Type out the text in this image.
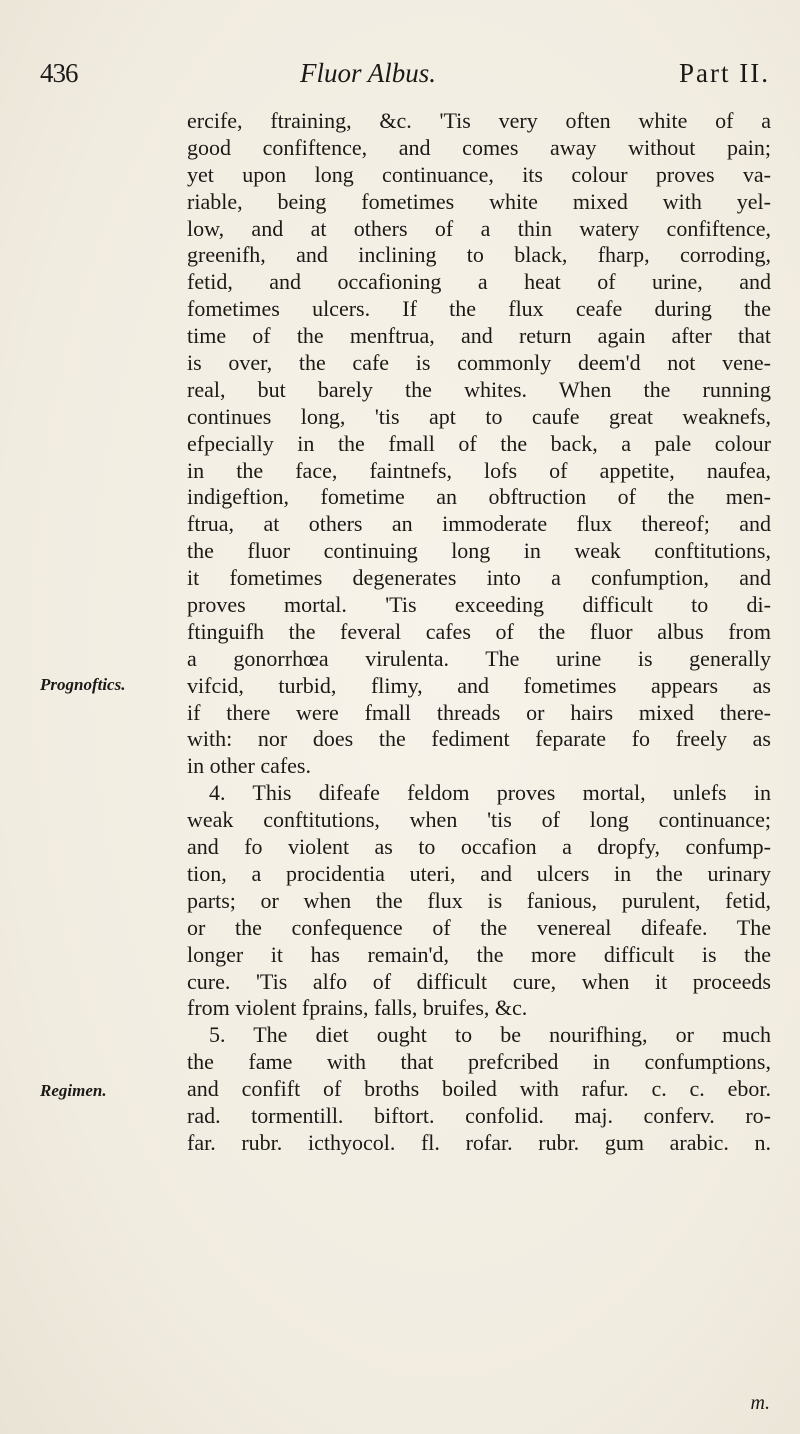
436	Fluor Albus.	Part II.
Prognoftics.
Regimen.
ercife, ftraining, &c. 'Tis very often white of a
good confiftence, and comes away without pain;
yet upon long continuance, its colour proves va-
riable, being fometimes white mixed with yel-
low, and at others of a thin watery confiftence,
greenifh, and inclining to black, fharp, corroding,
fetid, and occafioning a heat of urine, and
fometimes ulcers. If the flux ceafe during the
time of the menftrua, and return again after that
is over, the cafe is commonly deem'd not vene-
real, but barely the whites. When the running
continues long, 'tis apt to caufe great weaknefs,
efpecially in the fmall of the back, a pale colour
in the face, faintnefs, lofs of appetite, naufea,
indigeftion, fometime an obftruction of the men-
ftrua, at others an immoderate flux thereof; and
the fluor continuing long in weak conftitutions,
it fometimes degenerates into a confumption, and
proves mortal. 'Tis exceeding difficult to di-
ftinguifh the feveral cafes of the fluor albus from
a gonorrhœa virulenta. The urine is generally
vifcid, turbid, flimy, and fometimes appears as
if there were fmall threads or hairs mixed there-
with: nor does the fediment feparate fo freely as
in other cafes.
4. This difeafe feldom proves mortal, unlefs in
weak conftitutions, when 'tis of long continuance;
and fo violent as to occafion a dropfy, confump-
tion, a procidentia uteri, and ulcers in the urinary
parts; or when the flux is fanious, purulent, fetid,
or the confequence of the venereal difeafe. The
longer it has remain'd, the more difficult is the
cure. 'Tis alfo of difficult cure, when it proceeds
from violent fprains, falls, bruifes, &c.
5. The diet ought to be nourifhing, or much
the fame with that prefcribed in confumptions,
and confift of broths boiled with rafur. c. c. ebor.
rad. tormentill. biftort. confolid. maj. conferv. ro-
far. rubr. icthyocol. fl. rofar. rubr. gum arabic. n.
m.
